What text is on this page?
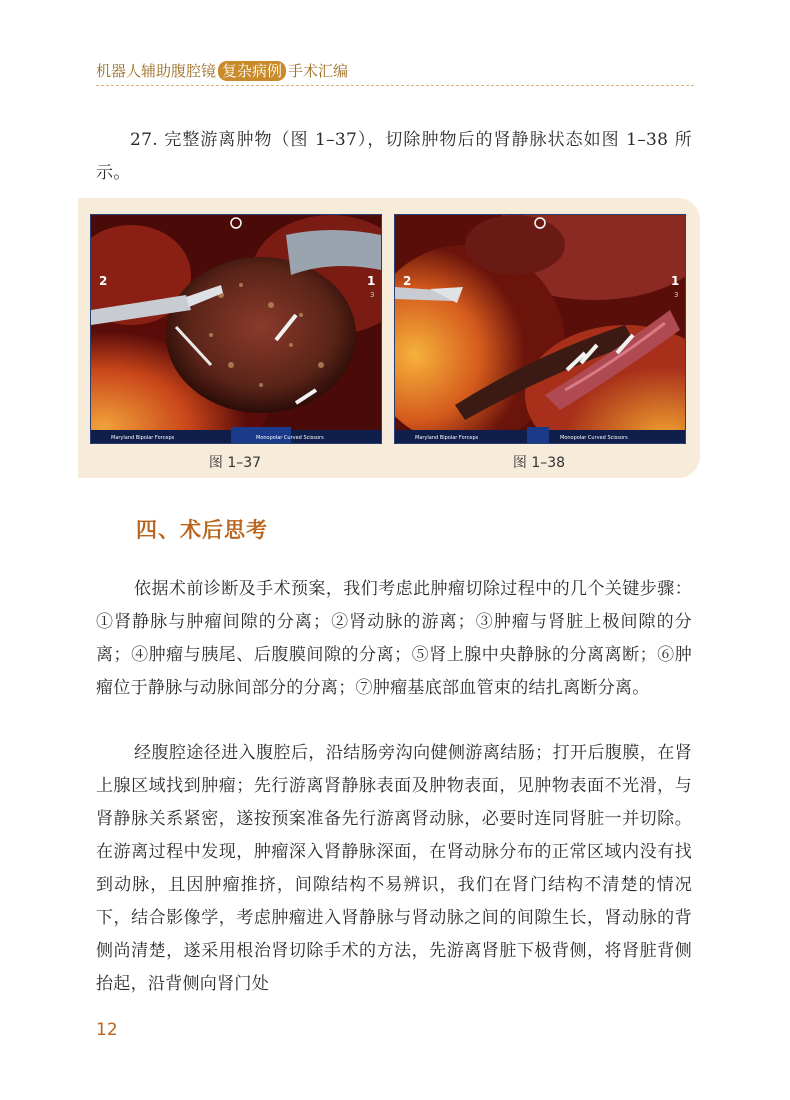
机器人辅助腹腔镜 复杂病例 手术汇编

27. 完整游离肿物（图 1–37），切除肿物后的肾静脉状态如图 1–38 所示。

2	1
3
Maryland Bipolar Forceps	Monopolar Curved Scissors
图 1–37
2	1
3
Maryland Bipolar Forceps	Monopolar Curved Scissors
图 1–38
四、术后思考

依据术前诊断及手术预案，我们考虑此肿瘤切除过程中的几个关键步骤：①肾静脉与肿瘤间隙的分离；②肾动脉的游离；③肿瘤与肾脏上极间隙的分离；④肿瘤与胰尾、后腹膜间隙的分离；⑤肾上腺中央静脉的分离离断；⑥肿瘤位于静脉与动脉间部分的分离；⑦肿瘤基底部血管束的结扎离断分离。

经腹腔途径进入腹腔后，沿结肠旁沟向健侧游离结肠；打开后腹膜，在肾上腺区域找到肿瘤；先行游离肾静脉表面及肿物表面，见肿物表面不光滑，与肾静脉关系紧密，遂按预案准备先行游离肾动脉，必要时连同肾脏一并切除。在游离过程中发现，肿瘤深入肾静脉深面，在肾动脉分布的正常区域内没有找到动脉，且因肿瘤推挤，间隙结构不易辨识，我们在肾门结构不清楚的情况下，结合影像学，考虑肿瘤进入肾静脉与肾动脉之间的间隙生长，肾动脉的背侧尚清楚，遂采用根治肾切除手术的方法，先游离肾脏下极背侧，将肾脏背侧抬起，沿背侧向肾门处

12
